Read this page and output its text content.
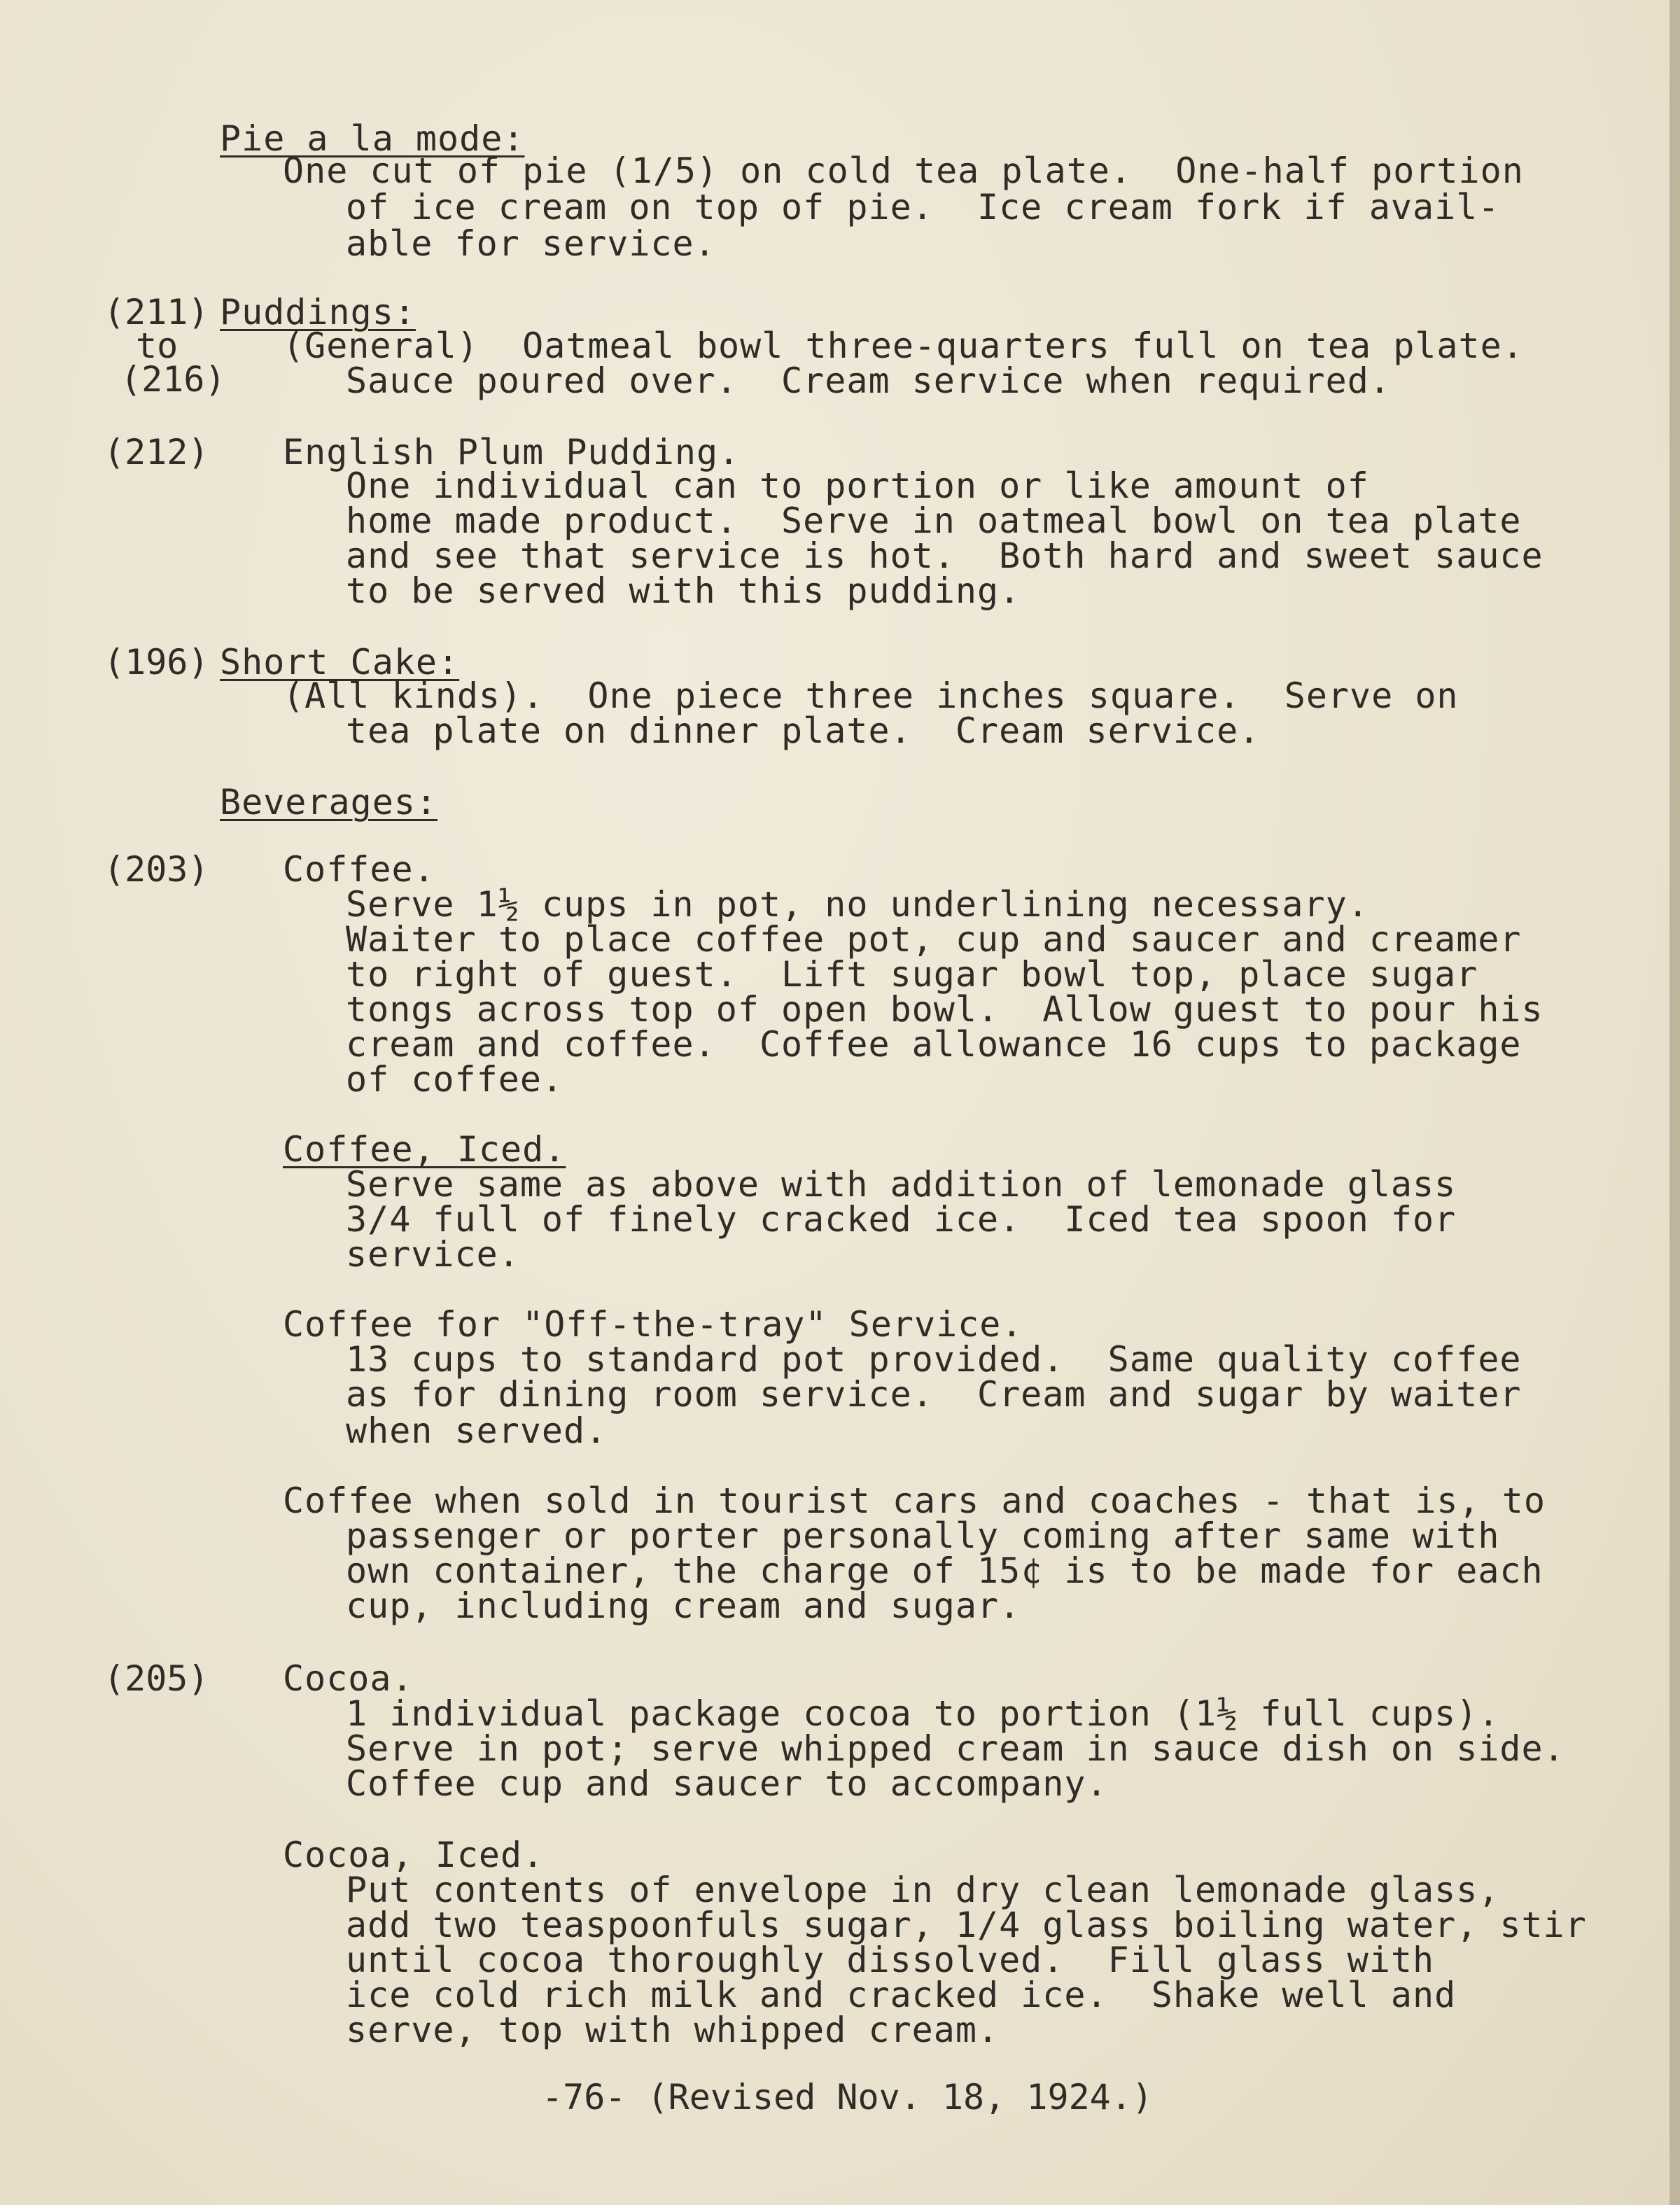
Pie a la mode:
One cut of pie (1/5) on cold tea plate.  One-half portion
of ice cream on top of pie.  Ice cream fork if avail-
able for service.
(211)
to
(216)
Puddings:
(General)  Oatmeal bowl three-quarters full on tea plate.
Sauce poured over.  Cream service when required.
(212) English Plum Pudding.
One individual can to portion or like amount of
home made product.  Serve in oatmeal bowl on tea plate
and see that service is hot.  Both hard and sweet sauce
to be served with this pudding.
(196) Short Cake:
(All kinds).  One piece three inches square.  Serve on
tea plate on dinner plate.  Cream service.
Beverages:
(203) Coffee.
Serve 1½ cups in pot, no underlining necessary.
Waiter to place coffee pot, cup and saucer and creamer
to right of guest.  Lift sugar bowl top, place sugar
tongs across top of open bowl.  Allow guest to pour his
cream and coffee.  Coffee allowance 16 cups to package
of coffee.
Coffee, Iced.
Serve same as above with addition of lemonade glass
3/4 full of finely cracked ice.  Iced tea spoon for
service.
Coffee for "Off-the-tray" Service.
13 cups to standard pot provided.  Same quality coffee
as for dining room service.  Cream and sugar by waiter
when served.
Coffee when sold in tourist cars and coaches - that is, to
passenger or porter personally coming after same with
own container, the charge of 15¢ is to be made for each
cup, including cream and sugar.
(205) Cocoa.
1 individual package cocoa to portion (1½ full cups).
Serve in pot; serve whipped cream in sauce dish on side.
Coffee cup and saucer to accompany.
Cocoa, Iced.
Put contents of envelope in dry clean lemonade glass,
add two teaspoonfuls sugar, 1/4 glass boiling water, stir
until cocoa thoroughly dissolved.  Fill glass with
ice cold rich milk and cracked ice.  Shake well and
serve, top with whipped cream.
-76- (Revised Nov. 18, 1924.)
